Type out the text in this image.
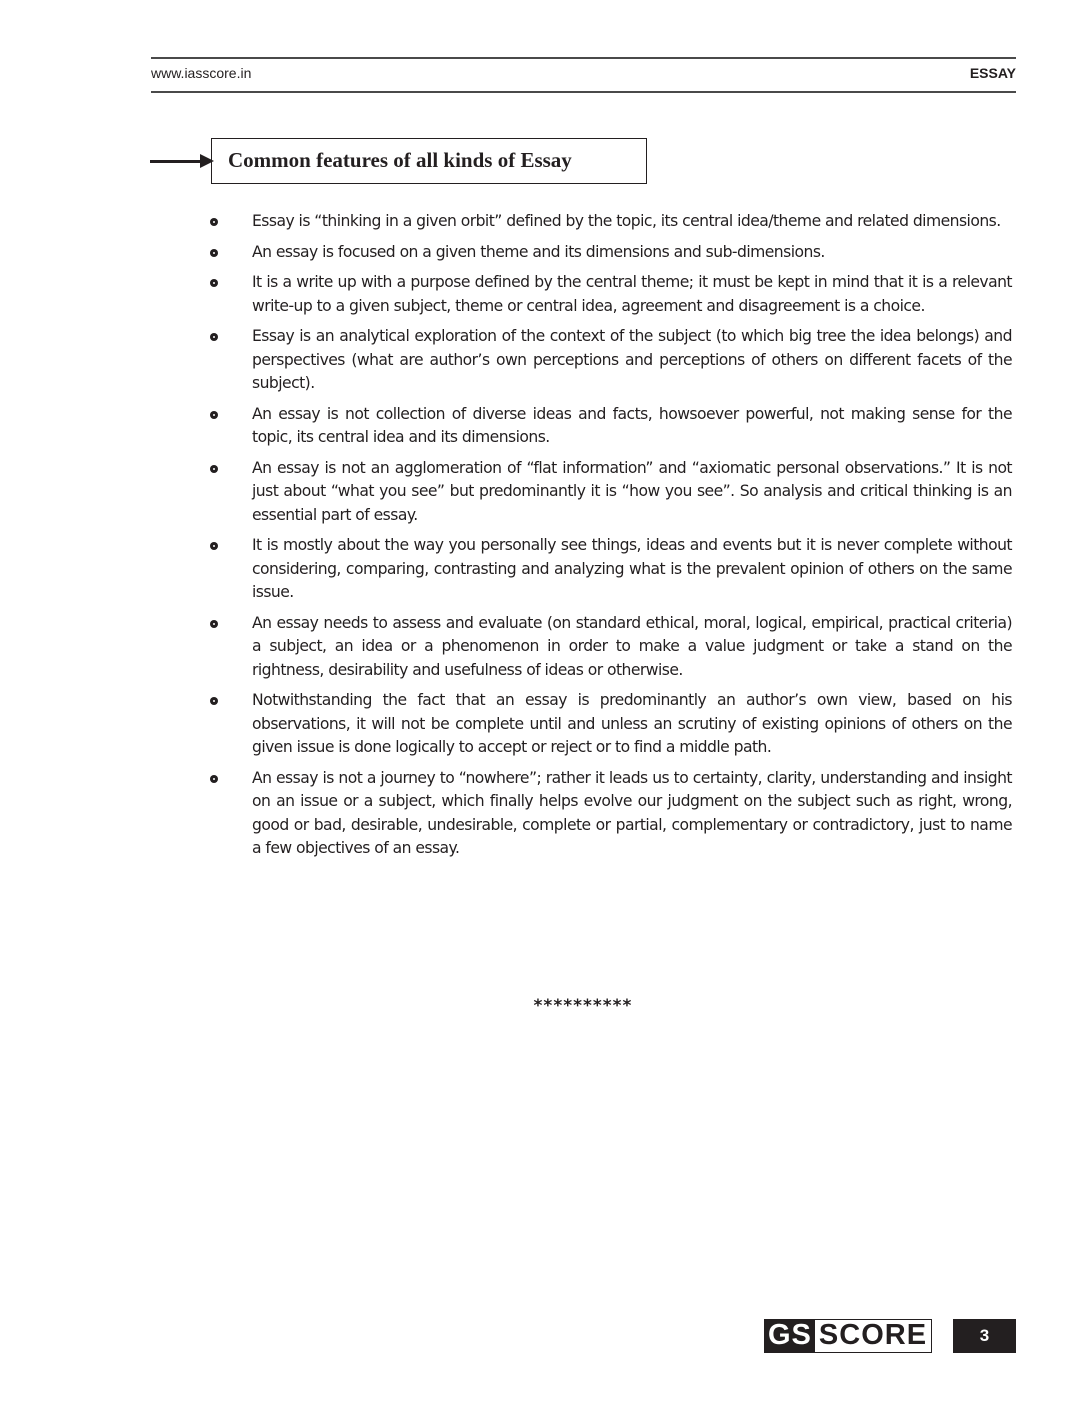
www.iasscore.in	ESSAY
Common features of all kinds of Essay
Essay is “thinking in a given orbit” defined by the topic, its central idea/theme and related dimensions.
An essay is focused on a given theme and its dimensions and sub-dimensions.
It is a write up with a purpose defined by the central theme; it must be kept in mind that it is a relevant write-up to a given subject, theme or central idea, agreement and disagreement is a choice.
Essay is an analytical exploration of the context of the subject (to which big tree the idea belongs) and perspectives (what are author’s own perceptions and perceptions of others on different facets of the subject).
An essay is not collection of diverse ideas and facts, howsoever powerful, not making sense for the topic, its central idea and its dimensions.
An essay is not an agglomeration of “flat information” and “axiomatic personal observations.” It is not just about “what you see” but predominantly it is “how you see”. So analysis and critical thinking is an essential part of essay.
It is mostly about the way you personally see things, ideas and events but it is never complete without considering, comparing, contrasting and analyzing what is the prevalent opinion of others on the same issue.
An essay needs to assess and evaluate (on standard ethical, moral, logical, empirical, practical criteria) a subject, an idea or a phenomenon in order to make a value judgment or take a stand on the rightness, desirability and usefulness of ideas or otherwise.
Notwithstanding the fact that an essay is predominantly an author’s own view, based on his observations, it will not be complete until and unless an scrutiny of existing opinions of others on the given issue is done logically to accept or reject or to find a middle path.
An essay is not a journey to “nowhere”; rather it leads us to certainty, clarity, understanding and insight on an issue or a subject, which finally helps evolve our judgment on the subject such as right, wrong, good or bad, desirable, undesirable, complete or partial, complementary or contradictory, just to name a few objectives of an essay.
**********
GS SCORE	3
